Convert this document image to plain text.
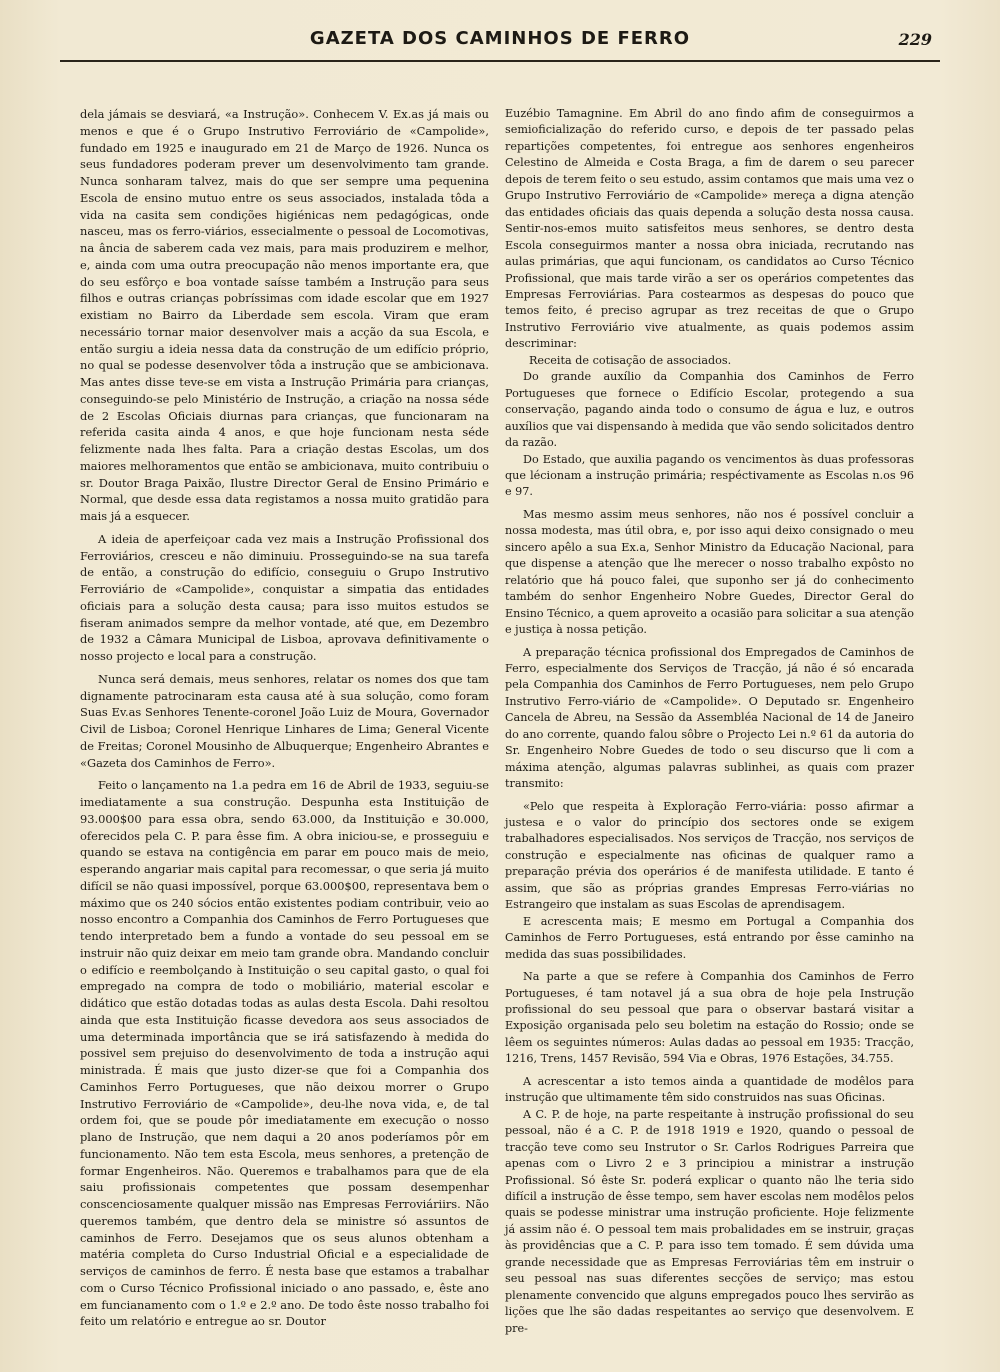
GAZETA DOS CAMINHOS DE FERRO	229

dela jámais se desviará, «a Instrução». Conhecem V. Ex.as já mais ou menos e que é o Grupo Instrutivo Ferroviário de «Campolide», fundado em 1925 e inaugurado em 21 de Março de 1926. Nunca os seus fundadores poderam prever um desenvolvimento tam grande. Nunca sonharam talvez, mais do que ser sempre uma pequenina Escola de ensino mutuo entre os seus associados, instalada tôda a vida na casita sem condições higiénicas nem pedagógicas, onde nasceu, mas os ferro-viários, essecialmente o pessoal de Locomotivas, na ância de saberem cada vez mais, para mais produzirem e melhor, e, ainda com uma outra preocupação não menos importante era, que do seu esfôrço e boa vontade saísse também a Instrução para seus filhos e outras crianças pobríssimas com idade escolar que em 1927 existiam no Bairro da Liberdade sem escola. Viram que eram necessário tornar maior desenvolver mais a acção da sua Escola, e então surgiu a ideia nessa data da construção de um edifício próprio, no qual se podesse desenvolver tôda a instrução que se ambicionava. Mas antes disse teve-se em vista a Instrução Primária para crianças, conseguindo-se pelo Ministério de Instrução, a criação na nossa séde de 2 Escolas Oficiais diurnas para crianças, que funcionaram na referida casita ainda 4 anos, e que hoje funcionam nesta séde felizmente nada lhes falta. Para a criação destas Escolas, um dos maiores melhoramentos que então se ambicionava, muito contribuiu o sr. Doutor Braga Paixão, Ilustre Director Geral de Ensino Primário e Normal, que desde essa data registamos a nossa muito gratidão para mais já a esquecer.

A ideia de aperfeiçoar cada vez mais a Instrução Profissional dos Ferroviários, cresceu e não diminuiu. Prosseguindo-se na sua tarefa de então, a construção do edifício, conseguiu o Grupo Instrutivo Ferroviário de «Campolide», conquistar a simpatia das entidades oficiais para a solução desta causa; para isso muitos estudos se fiseram animados sempre da melhor vontade, até que, em Dezembro de 1932 a Câmara Municipal de Lisboa, aprovava definitivamente o nosso projecto e local para a construção.

Nunca será demais, meus senhores, relatar os nomes dos que tam dignamente patrocinaram esta causa até à sua solução, como foram Suas Ev.as Senhores Tenente-coronel João Luiz de Moura, Governador Civil de Lisboa; Coronel Henrique Linhares de Lima; General Vicente de Freitas; Coronel Mousinho de Albuquerque; Engenheiro Abrantes e «Gazeta dos Caminhos de Ferro».

Feito o lançamento na 1.a pedra em 16 de Abril de 1933, seguiu-se imediatamente a sua construção. Despunha esta Instituição de 93.000$00 para essa obra, sendo 63.000, da Instituição e 30.000, oferecidos pela C. P. para êsse fim. A obra iniciou-se, e prosseguiu e quando se estava na contigência em parar em pouco mais de meio, esperando angariar mais capital para recomessar, o que seria já muito difícil se não quasi impossível, porque 63.000$00, representava bem o máximo que os 240 sócios então existentes podiam contribuir, veio ao nosso encontro a Companhia dos Caminhos de Ferro Portugueses que tendo interpretado bem a fundo a vontade do seu pessoal em se instruir não quiz deixar em meio tam grande obra. Mandando concluir o edifício e reembolçando à Instituição o seu capital gasto, o qual foi empregado na compra de todo o mobiliário, material escolar e didático que estão dotadas todas as aulas desta Escola. Dahi resoltou ainda que esta Instituição ficasse devedora aos seus associados de uma determinada importância que se irá satisfazendo à medida do possivel sem prejuiso do desenvolvimento de toda a instrução aqui ministrada. É mais que justo dizer-se que foi a Companhia dos Caminhos Ferro Portugueses, que não deixou morrer o Grupo Instrutivo Ferroviário de «Campolide», deu-lhe nova vida, e, de tal ordem foi, que se poude pôr imediatamente em execução o nosso plano de Instrução, que nem daqui a 20 anos poderíamos pôr em funcionamento. Não tem esta Escola, meus senhores, a pretenção de formar Engenheiros. Não. Queremos e trabalhamos para que de ela saiu profissionais competentes que possam desempenhar conscenciosamente qualquer missão nas Empresas Ferroviáriirs. Não queremos também, que dentro dela se ministre só assuntos de caminhos de Ferro. Desejamos que os seus alunos obtenham a matéria completa do Curso Industrial Oficial e a especialidade de serviços de caminhos de ferro. É nesta base que estamos a trabalhar com o Curso Técnico Profissional iniciado o ano passado, e, êste ano em funcianamento com o 1.º e 2.º ano. De todo êste nosso trabalho foi feito um relatório e entregue ao sr. Doutor

Euzébio Tamagnine. Em Abril do ano findo afim de conseguirmos a semioficialização do referido curso, e depois de ter passado pelas repartições competentes, foi entregue aos senhores engenheiros Celestino de Almeida e Costa Braga, a fim de darem o seu parecer depois de terem feito o seu estudo, assim contamos que mais uma vez o Grupo Instrutivo Ferroviário de «Campolide» mereça a digna atenção das entidades oficiais das quais dependa a solução desta nossa causa. Sentir-nos-emos muito satisfeitos meus senhores, se dentro desta Escola conseguirmos manter a nossa obra iniciada, recrutando nas aulas primárias, que aqui funcionam, os candidatos ao Curso Técnico Profissional, que mais tarde virão a ser os operários competentes das Empresas Ferroviárias. Para costearmos as despesas do pouco que temos feito, é preciso agrupar as trez receitas de que o Grupo Instrutivo Ferroviário vive atualmente, as quais podemos assim descriminar:

Receita de cotisação de associados.

Do grande auxílio da Companhia dos Caminhos de Ferro Portugueses que fornece o Edifício Escolar, protegendo a sua conservação, pagando ainda todo o consumo de água e luz, e outros auxílios que vai dispensando à medida que vão sendo solicitados dentro da razão.

Do Estado, que auxilia pagando os vencimentos às duas professoras que lécionam a instrução primária; respéctivamente as Escolas n.os 96 e 97.

Mas mesmo assim meus senhores, não nos é possível concluir a nossa modesta, mas útil obra, e, por isso aqui deixo consignado o meu sincero apêlo a sua Ex.a, Senhor Ministro da Educação Nacional, para que dispense a atenção que lhe merecer o nosso trabalho expôsto no relatório que há pouco falei, que suponho ser já do conhecimento também do senhor Engenheiro Nobre Guedes, Director Geral do Ensino Técnico, a quem aproveito a ocasião para solicitar a sua atenção e justiça à nossa petição.

A preparação técnica profissional dos Empregados de Caminhos de Ferro, especialmente dos Serviços de Tracção, já não é só encarada pela Companhia dos Caminhos de Ferro Portugueses, nem pelo Grupo Instrutivo Ferro-viário de «Campolide». O Deputado sr. Engenheiro Cancela de Abreu, na Sessão da Assembléa Nacional de 14 de Janeiro do ano corrente, quando falou sôbre o Projecto Lei n.º 61 da autoria do Sr. Engenheiro Nobre Guedes de todo o seu discurso que li com a máxima atenção, algumas palavras sublinhei, as quais com prazer transmito:

«Pelo que respeita à Exploração Ferro-viária: posso afirmar a justesa e o valor do princípio dos sectores onde se exigem trabalhadores especialisados. Nos serviços de Tracção, nos serviços de construção e especialmente nas oficinas de qualquer ramo a preparação prévia dos operários é de manifesta utilidade. E tanto é assim, que são as próprias grandes Empresas Ferro-viárias no Estrangeiro que instalam as suas Escolas de aprendisagem.

E acrescenta mais; E mesmo em Portugal a Companhia dos Caminhos de Ferro Portugueses, está entrando por êsse caminho na medida das suas possibilidades.

Na parte a que se refere à Companhia dos Caminhos de Ferro Portugueses, é tam notavel já a sua obra de hoje pela Instrução profissional do seu pessoal que para o observar bastará visitar a Exposição organisada pelo seu boletim na estação do Rossio; onde se lêem os seguintes números: Aulas dadas ao pessoal em 1935: Tracção, 1216, Trens, 1457 Revisão, 594 Via e Obras, 1976 Estações, 34.755.

A acrescentar a isto temos ainda a quantidade de modêlos para instrução que ultimamente têm sido construidos nas suas Oficinas.

A C. P. de hoje, na parte respeitante à instrução profissional do seu pessoal, não é a C. P. de 1918 1919 e 1920, quando o pessoal de tracção teve como seu Instrutor o Sr. Carlos Rodrigues Parreira que apenas com o Livro 2 e 3 principiou a ministrar a instrução Profissional. Só êste Sr. poderá explicar o quanto não lhe teria sido difícil a instrução de êsse tempo, sem haver escolas nem modêlos pelos quais se podesse ministrar uma instrução proficiente. Hoje felizmente já assim não é. O pessoal tem mais probalidades em se instruir, graças às providências que a C. P. para isso tem tomado. É sem dúvida uma grande necessidade que as Empresas Ferroviárias têm em instruir o seu pessoal nas suas diferentes secções de serviço; mas estou plenamente convencido que alguns empregados pouco lhes servirão as lições que lhe são dadas respeitantes ao serviço que desenvolvem. E pre-
